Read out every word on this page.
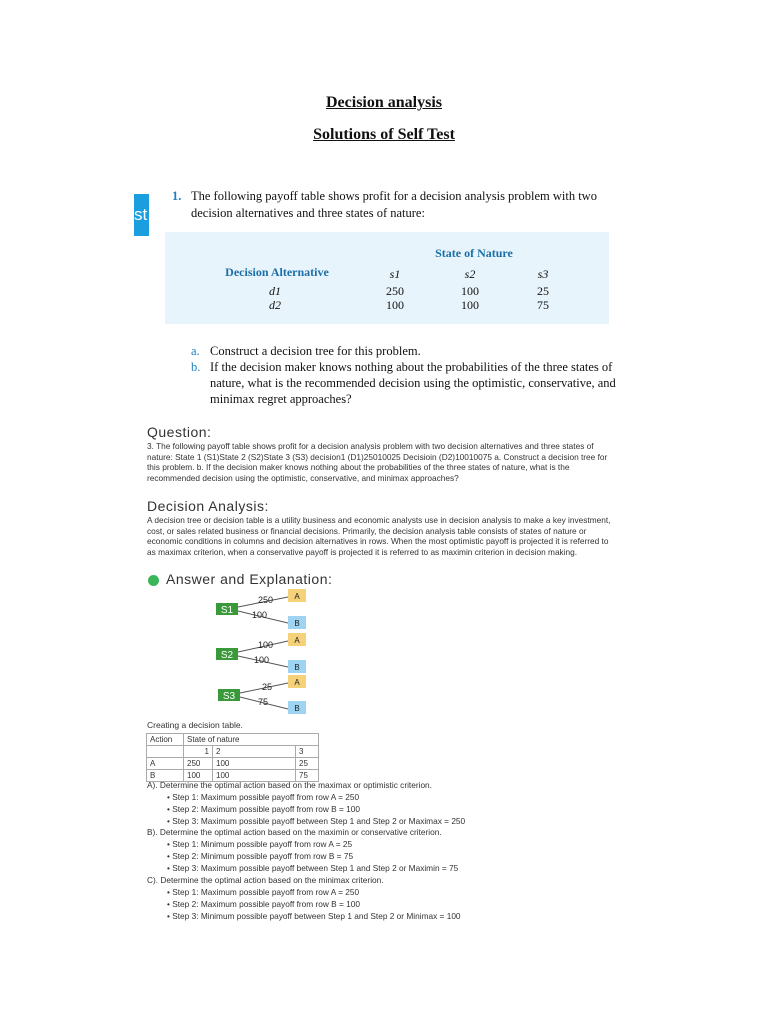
Decision analysis
Solutions of Self Test
st
1. The following payoff table shows profit for a decision analysis problem with two decision alternatives and three states of nature:
State of Nature
Decision Alternative	s1	s2	s3
d1	250	100	25
d2	100	100	75
a. Construct a decision tree for this problem.
b. If the decision maker knows nothing about the probabilities of the three states of nature, what is the recommended decision using the optimistic, conservative, and minimax regret approaches?
Question:
3. The following payoff table shows profit for a decision analysis problem with two decision alternatives and three states of nature: State 1 (S1)State 2 (S2)State 3 (S3) decision1 (D1)25010025 Decisioin (D2)10010075 a. Construct a decision tree for this problem. b. If the decision maker knows nothing about the probabilities of the three states of nature, what is the recommended decision using the optimistic, conservative, and minimax approaches?
Decision Analysis:
A decision tree or decision table is a utility business and economic analysts use in decision analysis to make a key investment, cost, or sales related business or financial decisions. Primarily, the decision analysis table consists of states of nature or economic conditions in columns and decision alternatives in rows. When the most optimistic payoff is projected it is referred to as maximax criterion, when a conservative payoff is projected it is referred to as maximin criterion in decision making.
Answer and Explanation:
S1
250
100
A
B
S2
100
100
A
B
S3
25
75
A
B
Creating a decision table.
Action	State of nature		
	1	2	3
A	250	100	25
B	100	100	75
A). Determine the optimal action based on the maximax or optimistic criterion.
• Step 1: Maximum possible payoff from row A = 250
• Step 2: Maximum possible payoff from row B = 100
• Step 3: Maximum possible payoff between Step 1 and Step 2 or Maximax = 250
B). Determine the optimal action based on the maximin or conservative criterion.
• Step 1: Minimum possible payoff from row A = 25
• Step 2: Minimum possible payoff from row B = 75
• Step 3: Maximum possible payoff between Step 1 and Step 2 or Maximin = 75
C). Determine the optimal action based on the minimax criterion.
• Step 1: Maximum possible payoff from row A = 250
• Step 2: Maximum possible payoff from row B = 100
• Step 3: Minimum possible payoff between Step 1 and Step 2 or Minimax = 100
